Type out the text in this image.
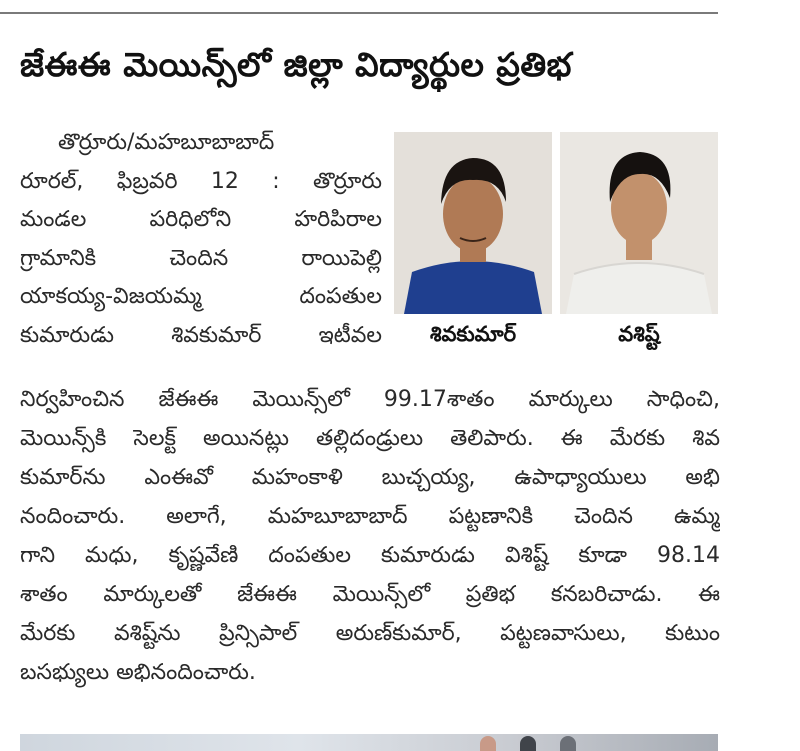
జేఈఈ మెయిన్స్‌లో జిల్లా విద్యార్థుల ప్రతిభ
తొర్రూరు/మహబూబాబాద్
రూరల్, ఫిబ్రవరి 12 : తొర్రూరు
మండల పరిధిలోని హరిపిరాల
గ్రామానికి చెందిన రాయిపెల్లి
యాకయ్య-విజయమ్మ దంపతుల
కుమారుడు శివకుమార్ ఇటీవల	శివకుమార్	వశిష్ట్
నిర్వహించిన జేఈఈ మెయిన్స్‌లో 99.17శాతం మార్కులు సాధించి,
మెయిన్స్‌కి సెలక్ట్ అయినట్లు తల్లిదండ్రులు తెలిపారు. ఈ మేరకు శివ
కుమార్‌ను ఎంఈవో మహంకాళి బుచ్చయ్య, ఉపాధ్యాయులు అభి
నందించారు. అలాగే, మహబూబాబాద్ పట్టణానికి చెందిన ఉమ్మ
గాని మధు, కృష్ణవేణి దంపతుల కుమారుడు విశిష్ట్ కూడా 98.14
శాతం మార్కులతో జేఈఈ మెయిన్స్‌లో ప్రతిభ కనబరిచాడు. ఈ
మేరకు వశిష్ట్‌ను ప్రిన్సిపాల్ అరుణ్‌కుమార్, పట్టణవాసులు, కుటుం
బసభ్యులు అభినందించారు.
